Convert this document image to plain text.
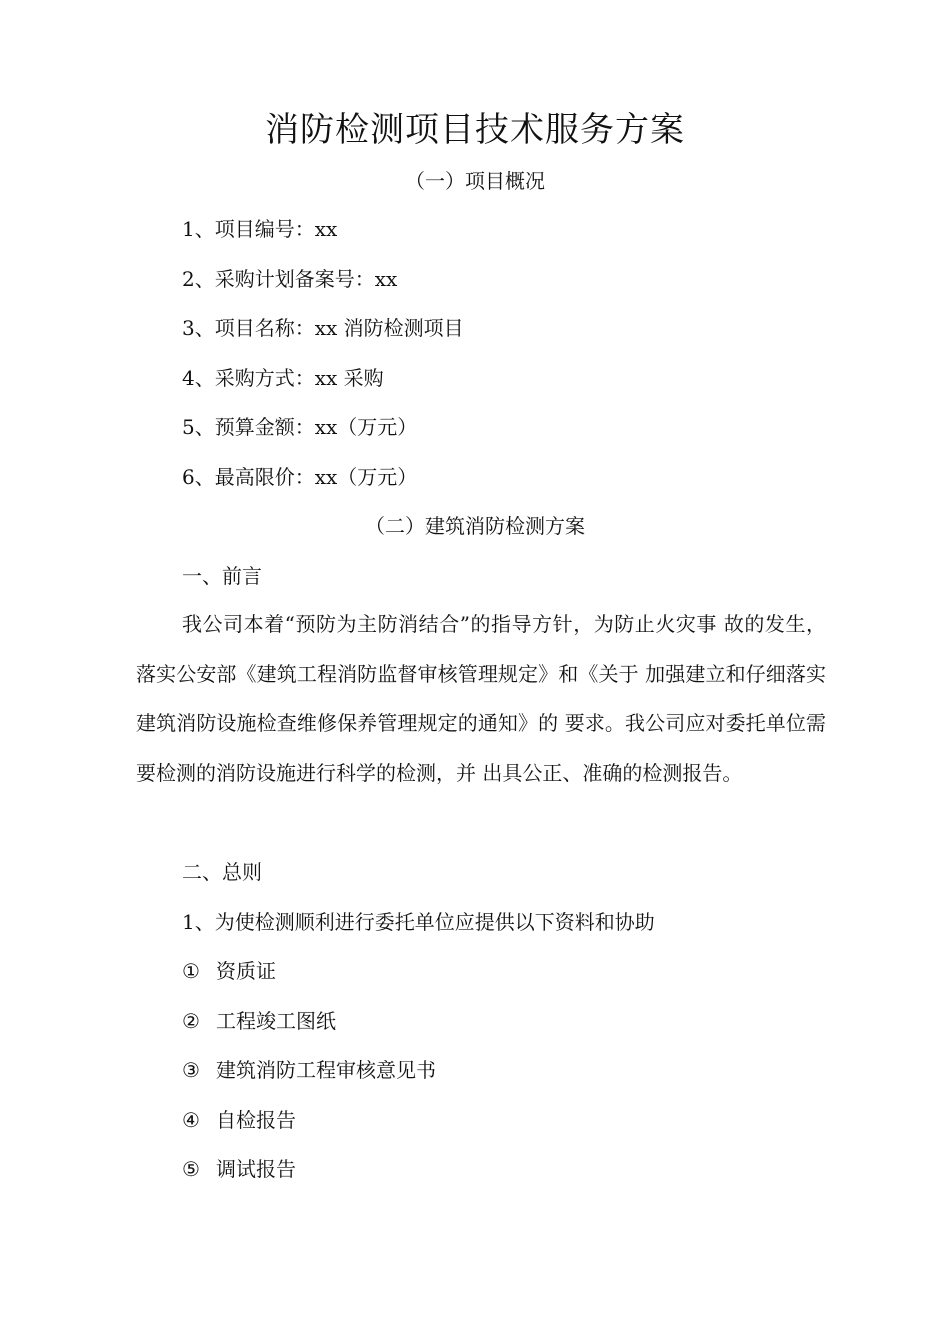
消防检测项目技术服务方案
（一）项目概况
1、项目编号：xx
2、采购计划备案号：xx
3、项目名称：xx 消防检测项目
4、采购方式：xx 采购
5、预算金额：xx（万元）
6、最高限价：xx（万元）
（二）建筑消防检测方案
一、前言
我公司本着“预防为主防消结合”的指导方针，为防止火灾事 故的发生，落实公安部《建筑工程消防监督审核管理规定》和《关于 加强建立和仔细落实建筑消防设施检查维修保养管理规定的通知》的 要求。我公司应对委托单位需要检测的消防设施进行科学的检测，并 出具公正、准确的检测报告。
二、总则
1、为使检测顺利进行委托单位应提供以下资料和协助
① 资质证
② 工程竣工图纸
③ 建筑消防工程审核意见书
④ 自检报告
⑤ 调试报告
